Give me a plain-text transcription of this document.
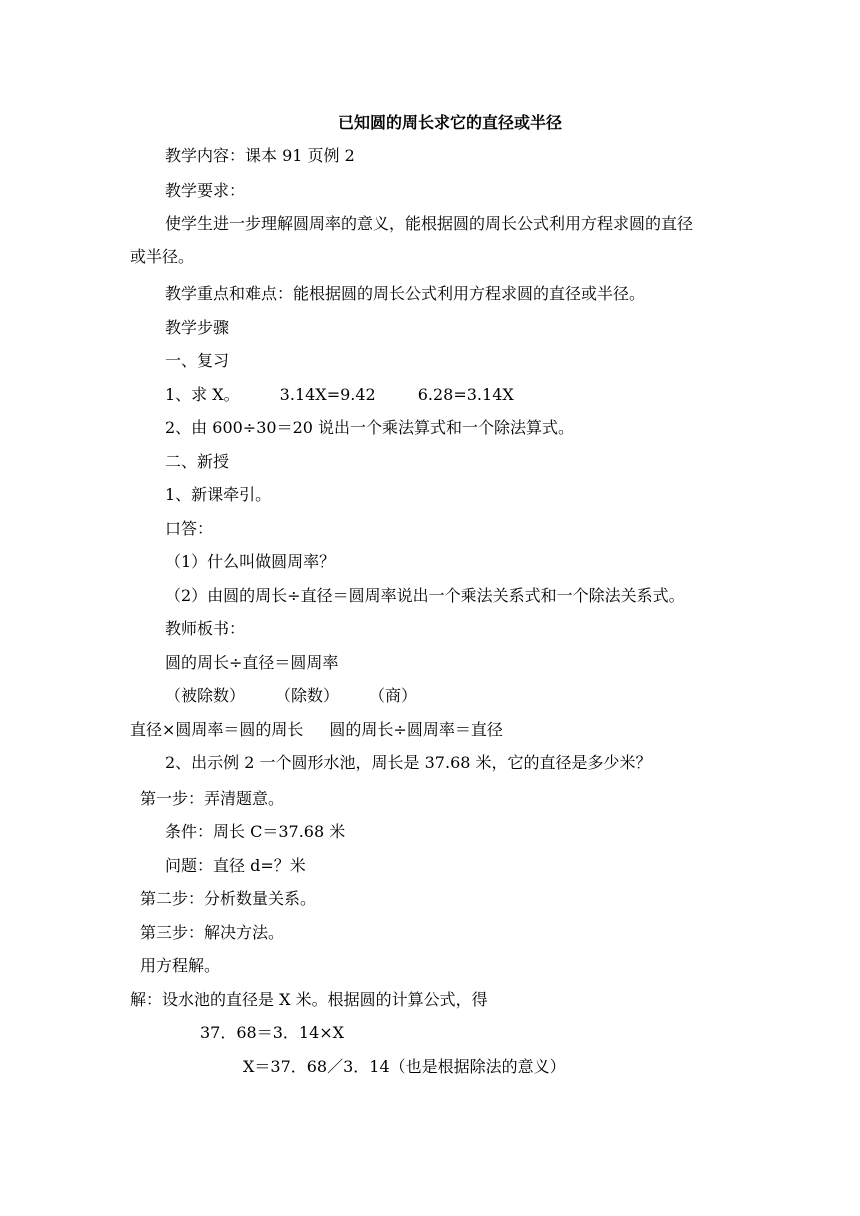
已知圆的周长求它的直径或半径
教学内容：课本 91 页例 2
教学要求：
使学生进一步理解圆周率的意义，能根据圆的周长公式利用方程求圆的直径
或半径。
教学重点和难点：能根据圆的周长公式利用方程求圆的直径或半径。
教学步骤
一、复习
1、求 X。	3.14X=9.42	6.28=3.14X
2、由 600÷30＝20 说出一个乘法算式和一个除法算式。
二、新授
1、新课牵引。
口答：
（1）什么叫做圆周率？
（2）由圆的周长÷直径＝圆周率说出一个乘法关系式和一个除法关系式。
教师板书：
圆的周长÷直径＝圆周率
（被除数） （除数） （商）
直径×圆周率＝圆的周长 圆的周长÷圆周率＝直径
2、出示例 2 一个圆形水池，周长是 37.68 米，它的直径是多少米？
第一步：弄清题意。
条件：周长 C＝37.68 米
问题：直径 d=？米
第二步：分析数量关系。
第三步：解决方法。
用方程解。
解：设水池的直径是 X 米。根据圆的计算公式，得
37．68＝3．14×X
X＝37．68／3．14（也是根据除法的意义）
